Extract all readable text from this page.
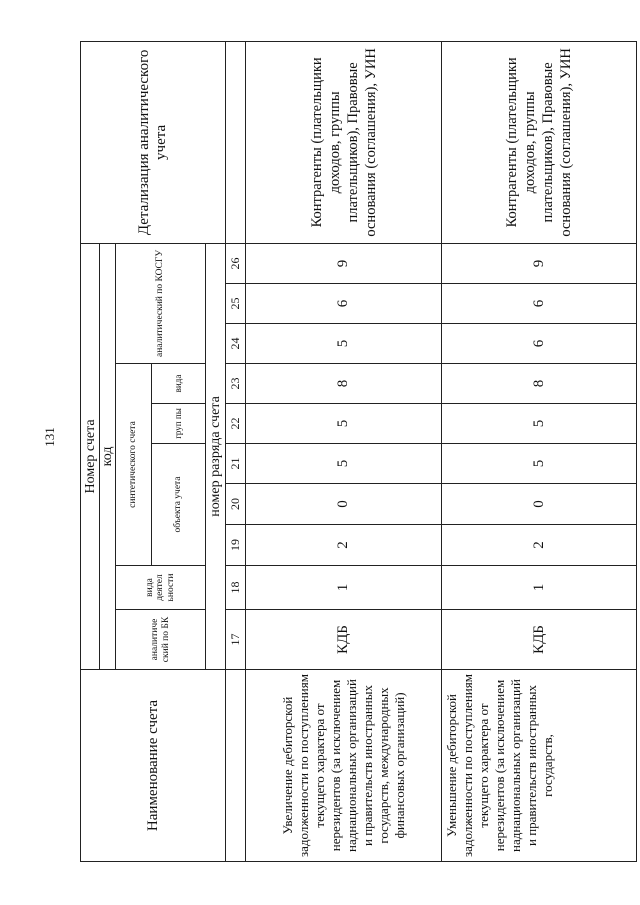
131
Наименование счета	Номер счета										Детализация аналитического учета
	код										
	аналитиче ский по БК	вида деятел ьности	синтетического счета					аналитический по КОСГУ			
			объекта учета			груп пы	вида				
	номер разряда счета										
	17	18	19	20	21	22	23	24	25	26	
Увеличение дебиторской задолженности по поступлениям текущего характера от нерезидентов (за исключением наднациональных организаций и правительств иностранных государств, международных финансовых организаций)	КДБ	1	2	0	5	5	8	5	6	9	Контрагенты (плательщики доходов, группы плательщиков), Правовые основания (соглашения), УИН
Уменьшение дебиторской задолженности по поступлениям текущего характера от нерезидентов (за исключением наднациональных организаций и правительств иностранных государств,	КДБ	1	2	0	5	5	8	6	6	9	Контрагенты (плательщики доходов, группы плательщиков), Правовые основания (соглашения), УИН
